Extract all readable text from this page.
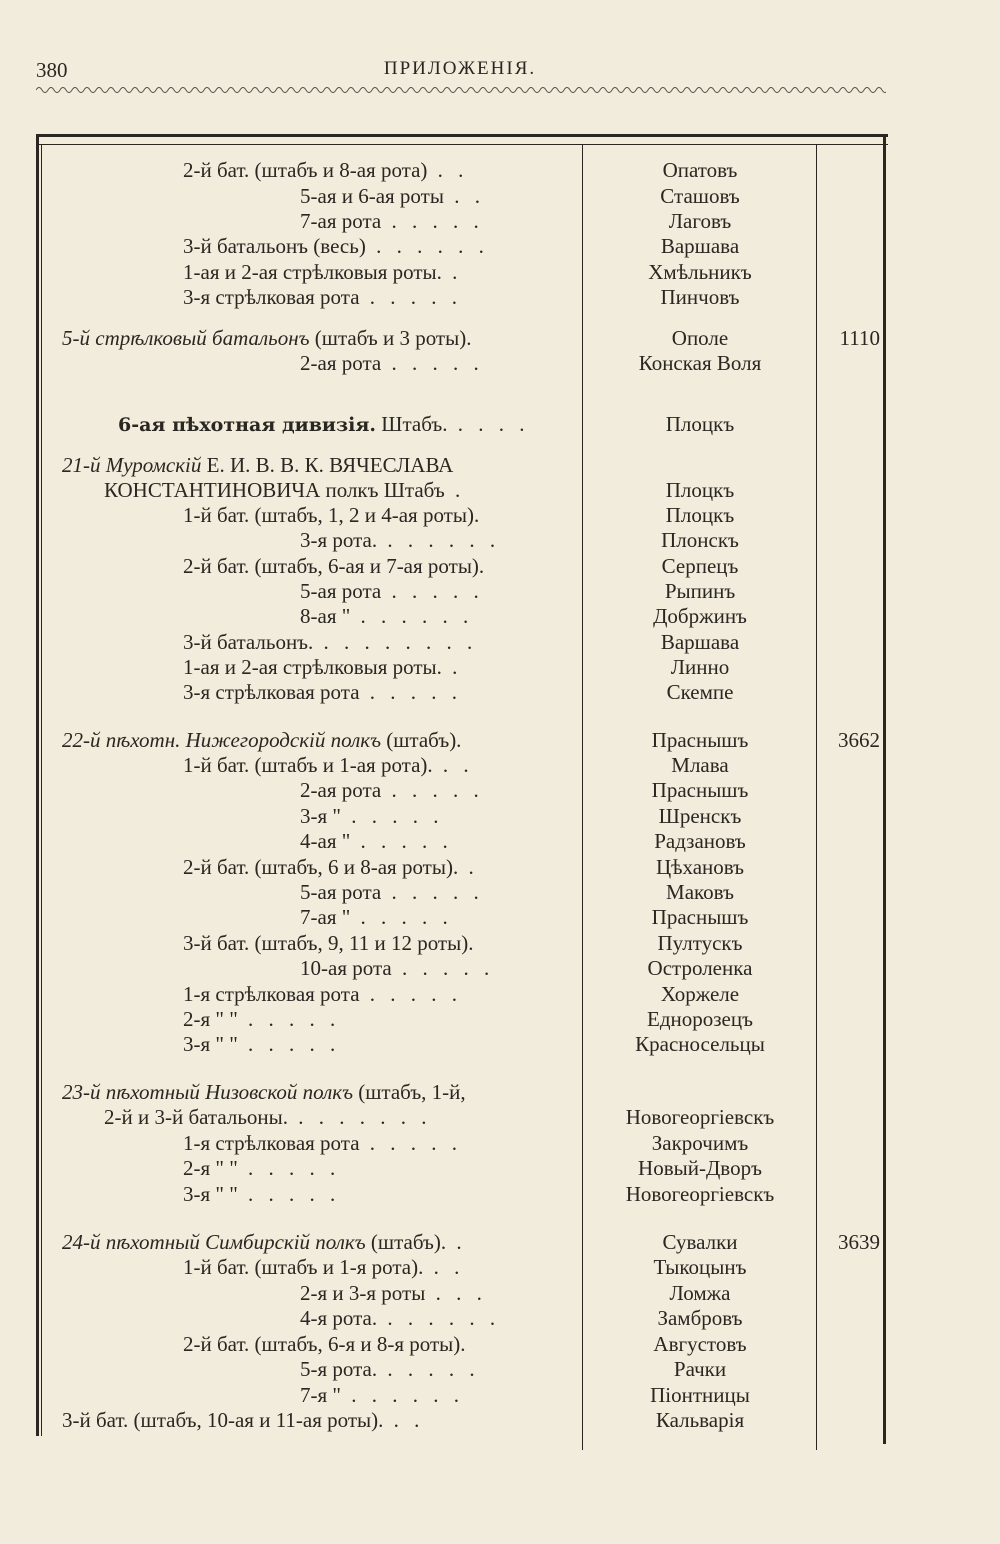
380	ПРИЛОЖЕНІЯ.
2-й бат. (штабъ и 8-ая рота) . .	Опатовъ
5-ая и 6-ая роты . .	Сташовъ
7-ая рота . . . . .	Лаговъ
3-й батальонъ (весь) . . . . . .	Варшава
1-ая и 2-ая стрѣлковыя роты. .	Хмѣльникъ
3-я стрѣлковая рота . . . . .	Пинчовъ
5-й стрѣлковый батальонъ (штабъ и 3 роты).	Ополе	1110
2-ая рота . . . . .	Конская Воля
6-ая пѣхотная дивизія. Штабъ. . . . .	Плоцкъ
21-й Муромскій Е. И. В. В. К. ВЯЧЕСЛАВА
КОНСТАНТИНОВИЧА полкъ Штабъ .	Плоцкъ
1-й бат. (штабъ, 1, 2 и 4-ая роты).	Плоцкъ
3-я рота. . . . . . .	Плонскъ
2-й бат. (штабъ, 6-ая и 7-ая роты).	Серпецъ
5-ая рота . . . . .	Рыпинъ
8-ая " . . . . . .	Добржинъ
3-й батальонъ. . . . . . . . .	Варшава
1-ая и 2-ая стрѣлковыя роты. .	Линно
3-я стрѣлковая рота . . . . .	Скемпе
22-й пѣхотн. Нижегородскій полкъ (штабъ).	Праснышъ	3662
1-й бат. (штабъ и 1-ая рота). . .	Млава
2-ая рота . . . . .	Праснышъ
3-я " . . . . .	Шренскъ
4-ая " . . . . .	Радзановъ
2-й бат. (штабъ, 6 и 8-ая роты). .	Цѣхановъ
5-ая рота . . . . .	Маковъ
7-ая " . . . . .	Праснышъ
3-й бат. (штабъ, 9, 11 и 12 роты).	Пултускъ
10-ая рота . . . . .	Остроленка
1-я стрѣлковая рота . . . . .	Хоржеле
2-я " " . . . . .	Еднорозецъ
3-я " " . . . . .	Красносельцы
23-й пѣхотный Низовской полкъ (штабъ, 1-й,
2-й и 3-й батальоны. . . . . . . .	Новогеоргіевскъ
1-я стрѣлковая рота . . . . .	Закрочимъ
2-я " " . . . . .	Новый-Дворъ
3-я " " . . . . .	Новогеоргіевскъ
24-й пѣхотный Симбирскій полкъ (штабъ). .	Сувалки	3639
1-й бат. (штабъ и 1-я рота). . .	Тыкоцынъ
2-я и 3-я роты . . .	Ломжа
4-я рота. . . . . . .	Замбровъ
2-й бат. (штабъ, 6-я и 8-я роты).	Августовъ
5-я рота. . . . . .	Рачки
7-я " . . . . . .	Піонтницы
3-й бат. (штабъ, 10-ая и 11-ая роты). . .	Кальварія
